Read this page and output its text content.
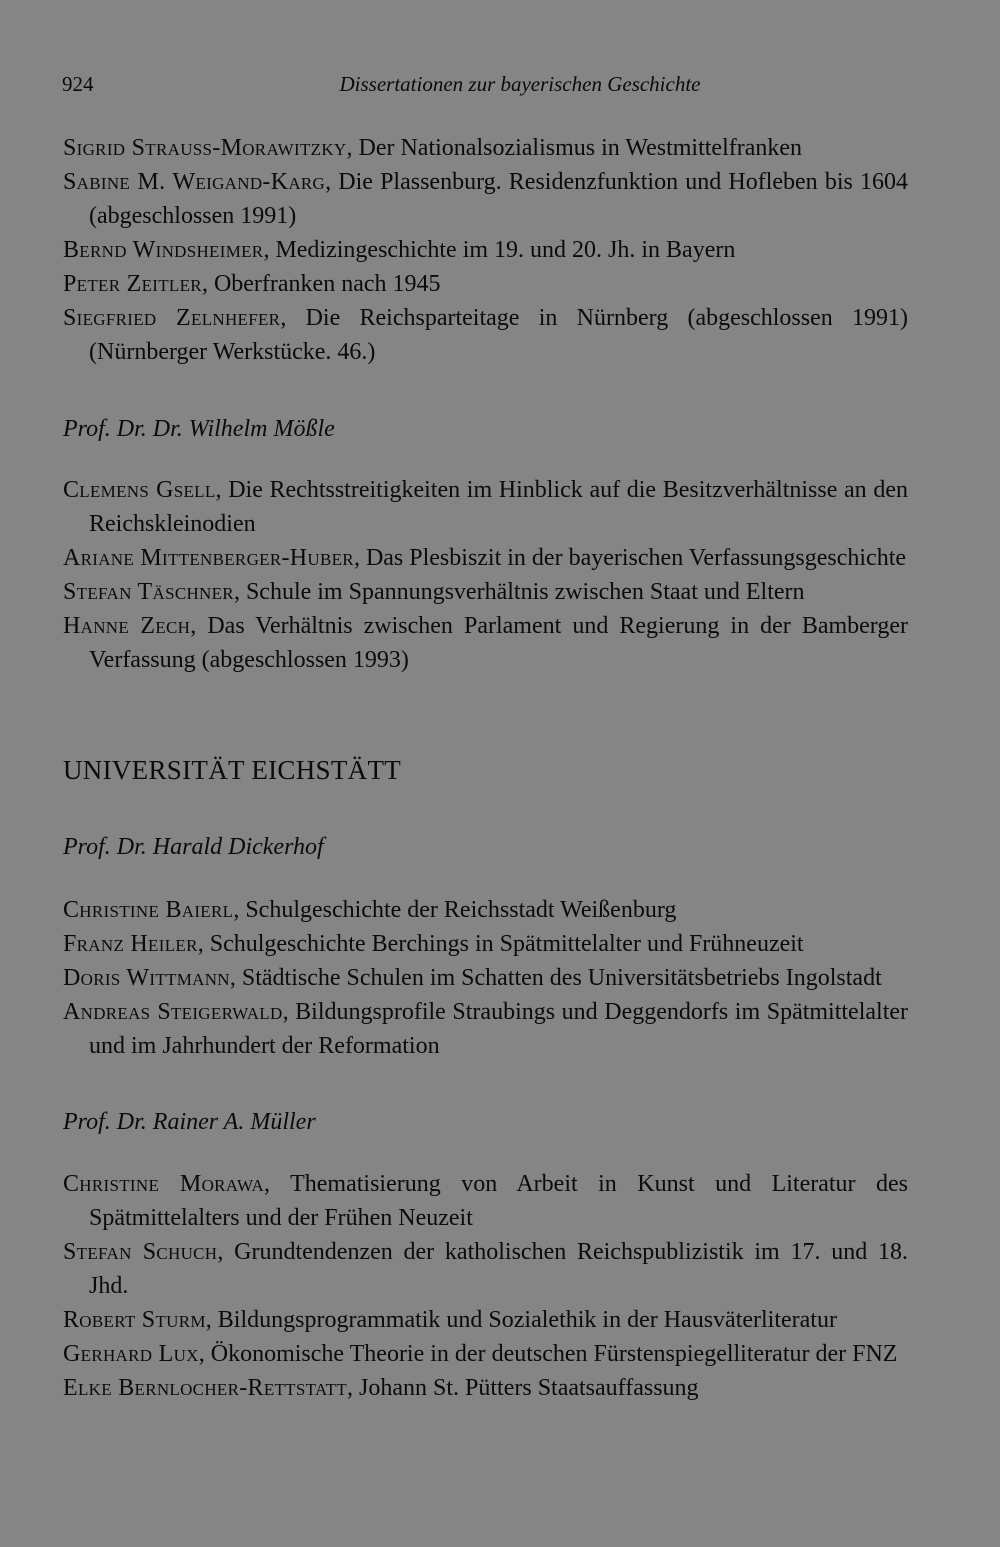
924	Dissertationen zur bayerischen Geschichte

Sigrid Strauss-Morawitzky, Der Nationalsozialismus in Westmittelfranken

Sabine M. Weigand-Karg, Die Plassenburg. Residenzfunktion und Hofleben bis 1604 (abgeschlossen 1991)

Bernd Windsheimer, Medizingeschichte im 19. und 20. Jh. in Bayern

Peter Zeitler, Oberfranken nach 1945

Siegfried Zelnhefer, Die Reichsparteitage in Nürnberg (abgeschlossen 1991) (Nürnberger Werkstücke. 46.)

Prof. Dr. Dr. Wilhelm Mößle

Clemens Gsell, Die Rechtsstreitigkeiten im Hinblick auf die Besitzverhältnisse an den Reichskleinodien

Ariane Mittenberger-Huber, Das Plesbiszit in der bayerischen Verfassungsgeschichte

Stefan Täschner, Schule im Spannungsverhältnis zwischen Staat und Eltern

Hanne Zech, Das Verhältnis zwischen Parlament und Regierung in der Bamberger Verfassung (abgeschlossen 1993)

UNIVERSITÄT EICHSTÄTT

Prof. Dr. Harald Dickerhof

Christine Baierl, Schulgeschichte der Reichsstadt Weißenburg

Franz Heiler, Schulgeschichte Berchings in Spätmittelalter und Frühneuzeit

Doris Wittmann, Städtische Schulen im Schatten des Universitätsbetriebs Ingolstadt

Andreas Steigerwald, Bildungsprofile Straubings und Deggendorfs im Spätmittelalter und im Jahrhundert der Reformation

Prof. Dr. Rainer A. Müller

Christine Morawa, Thematisierung von Arbeit in Kunst und Literatur des Spätmittelalters und der Frühen Neuzeit

Stefan Schuch, Grundtendenzen der katholischen Reichspublizistik im 17. und 18. Jhd.

Robert Sturm, Bildungsprogrammatik und Sozialethik in der Hausväterliteratur

Gerhard Lux, Ökonomische Theorie in der deutschen Fürstenspiegelliteratur der FNZ

Elke Bernlocher-Rettstatt, Johann St. Pütters Staatsauffassung
